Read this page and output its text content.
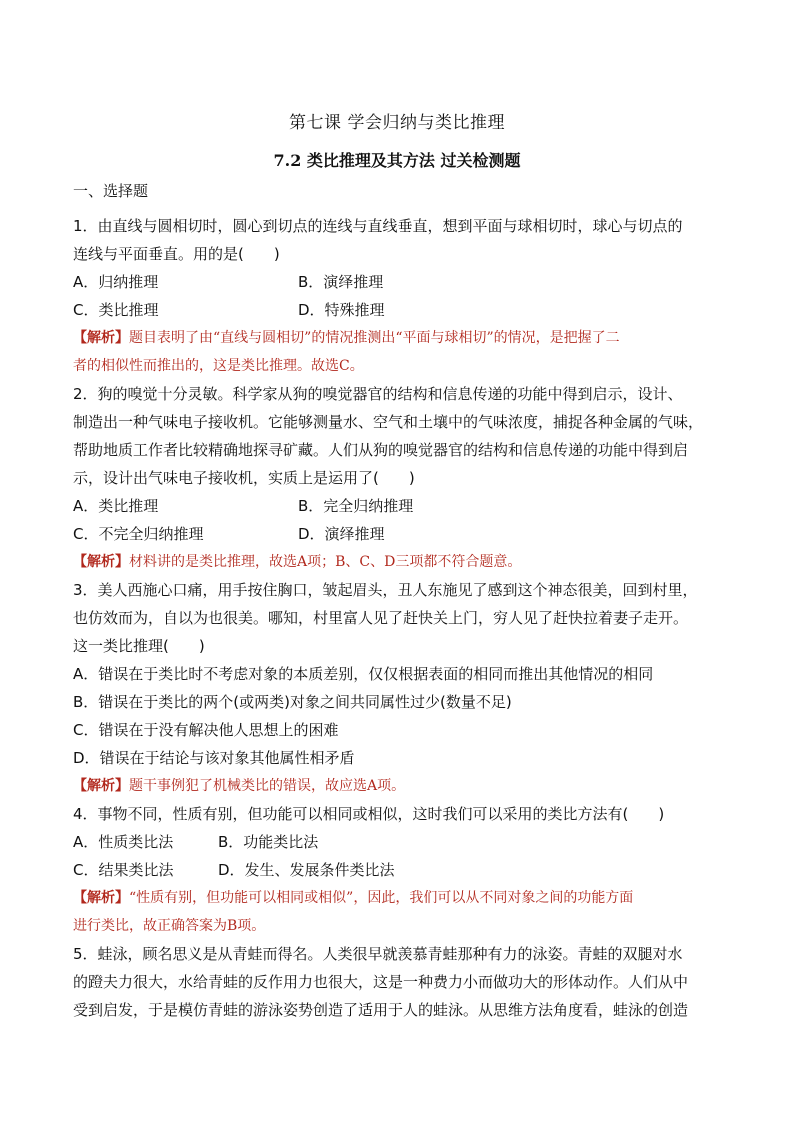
第七课 学会归纳与类比推理
7.2 类比推理及其方法 过关检测题
一、选择题
1．由直线与圆相切时，圆心到切点的连线与直线垂直，想到平面与球相切时，球心与切点的
连线与平面垂直。用的是(　　)
A．归纳推理	B．演绎推理
C．类比推理	D．特殊推理
【解析】题目表明了由“直线与圆相切”的情况推测出“平面与球相切”的情况，是把握了二
者的相似性而推出的，这是类比推理。故选C。
2．狗的嗅觉十分灵敏。科学家从狗的嗅觉器官的结构和信息传递的功能中得到启示，设计、
制造出一种气味电子接收机。它能够测量水、空气和土壤中的气味浓度，捕捉各种金属的气味，
帮助地质工作者比较精确地探寻矿藏。人们从狗的嗅觉器官的结构和信息传递的功能中得到启
示，设计出气味电子接收机，实质上是运用了(　　)
A．类比推理	B．完全归纳推理
C．不完全归纳推理	D．演绎推理
【解析】材料讲的是类比推理，故选A项；B、C、D三项都不符合题意。
3．美人西施心口痛，用手按住胸口，皱起眉头，丑人东施见了感到这个神态很美，回到村里，
也仿效而为，自以为也很美。哪知，村里富人见了赶快关上门，穷人见了赶快拉着妻子走开。
这一类比推理(　　)
A．错误在于类比时不考虑对象的本质差别，仅仅根据表面的相同而推出其他情况的相同
B．错误在于类比的两个(或两类)对象之间共同属性过少(数量不足)
C．错误在于没有解决他人思想上的困难
D．错误在于结论与该对象其他属性相矛盾
【解析】题干事例犯了机械类比的错误，故应选A项。
4．事物不同，性质有别，但功能可以相同或相似，这时我们可以采用的类比方法有(　　)
A．性质类比法	B．功能类比法
C．结果类比法	D．发生、发展条件类比法
【解析】“性质有别，但功能可以相同或相似”，因此，我们可以从不同对象之间的功能方面
进行类比，故正确答案为B项。
5．蛙泳，顾名思义是从青蛙而得名。人类很早就羡慕青蛙那种有力的泳姿。青蛙的双腿对水
的蹬夫力很大，水给青蛙的反作用力也很大，这是一种费力小而做功大的形体动作。人们从中
受到启发，于是模仿青蛙的游泳姿势创造了适用于人的蛙泳。从思维方法角度看，蛙泳的创造
